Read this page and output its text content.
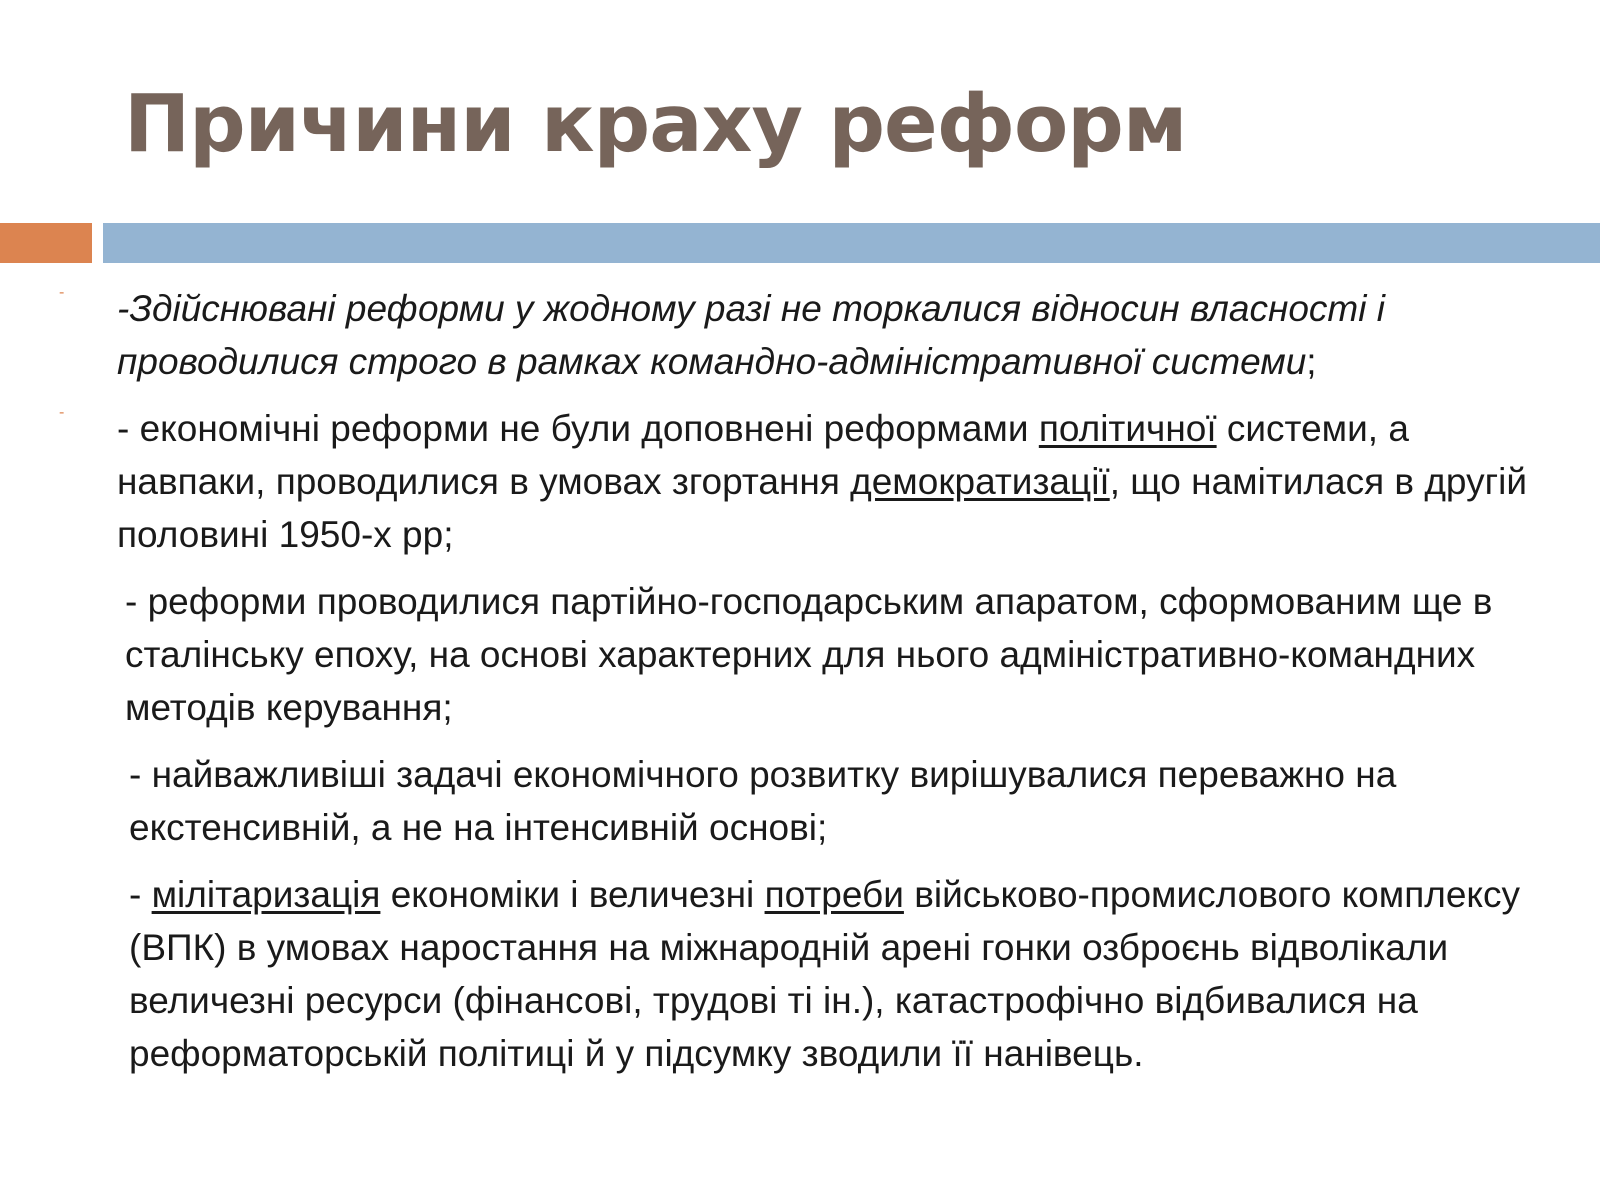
Причини краху реформ
- -Здійснювані реформи у жодному разі не торкалися відносин власності і проводилися строго в рамках командно-адміністративної системи;

- - економічні реформи не були доповнені реформами політичної системи, а навпаки, проводилися в умовах згортання демократизації, що намітилася в другій половині 1950-х рр;

- реформи проводилися партійно-господарським апаратом, сформованим ще в сталінську епоху, на основі характерних для нього адміністративно-командних методів керування;

- найважливіші задачі економічного розвитку вирішувалися переважно на екстенсивній, а не на інтенсивній основі;

- мілітаризація економіки і величезні потреби військово-промислового комплексу (ВПК) в умовах наростання на міжнародній арені гонки озброєнь відволікали величезні ресурси (фінансові, трудові ті ін.), катастрофічно відбивалися на реформаторській політиці й у підсумку зводили її нанівець.
